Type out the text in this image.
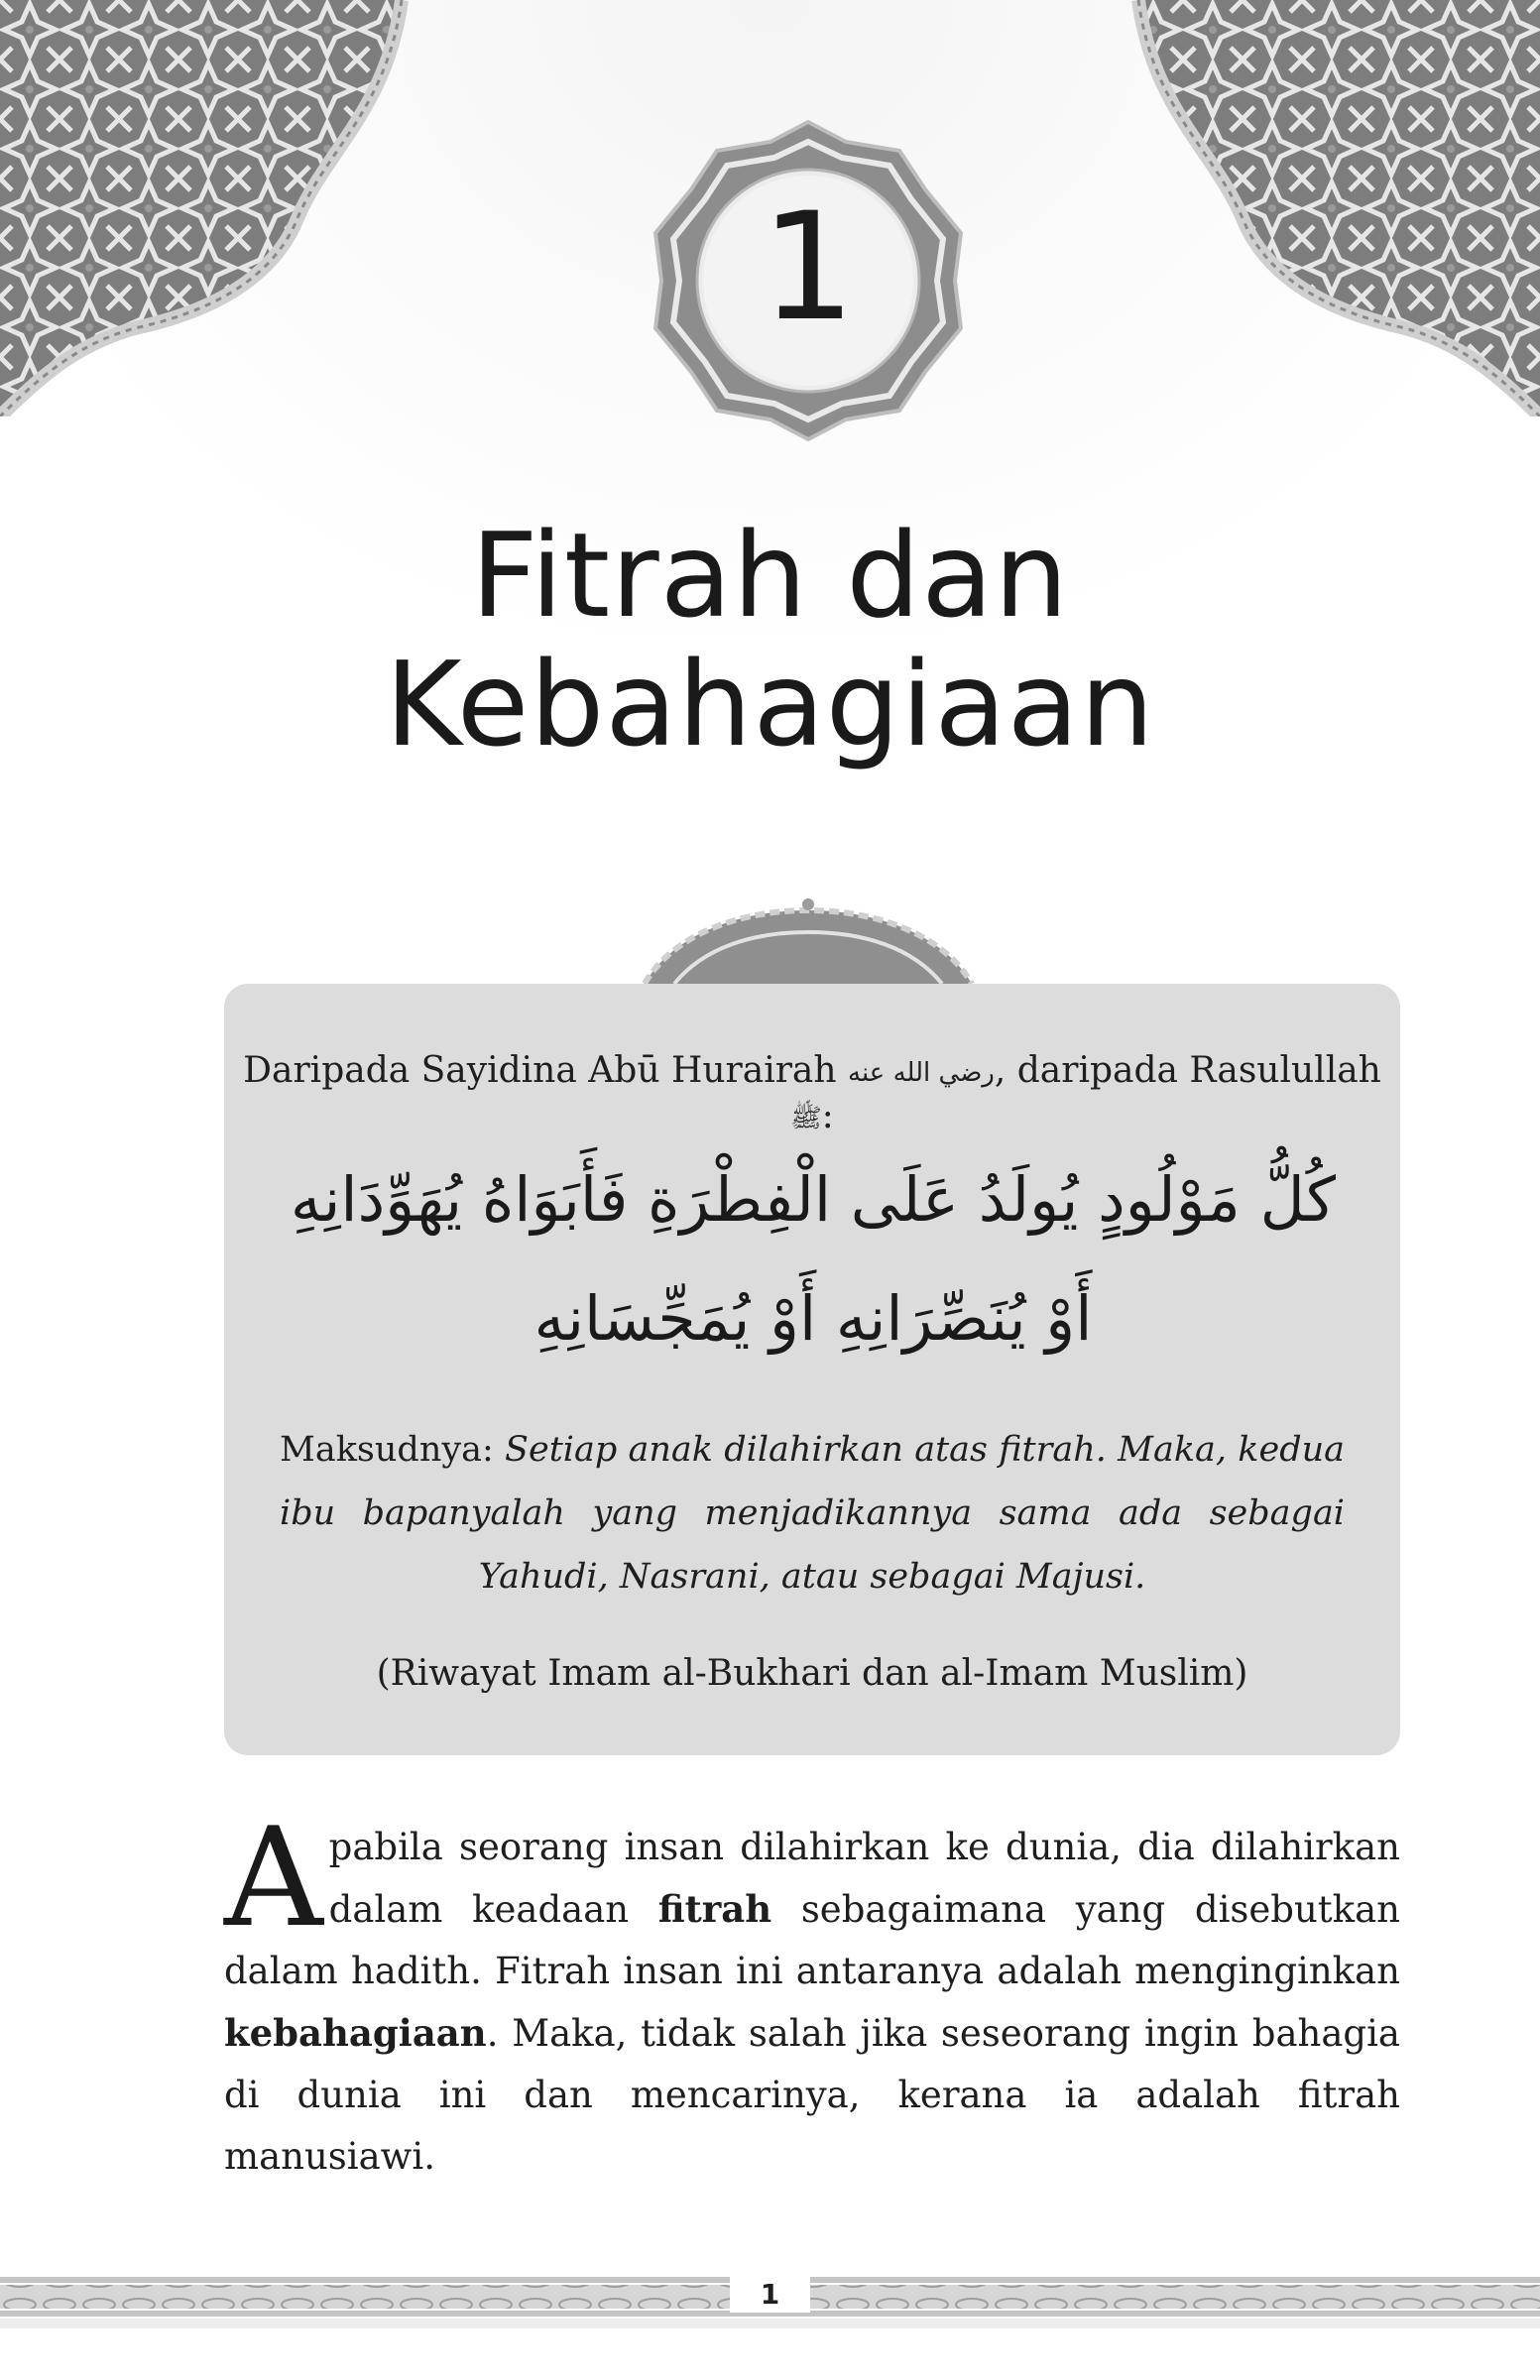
1
Fitrah dan
Kebahagiaan
Daripada Sayidina Abū Hurairah رضي الله عنه, daripada Rasulullah ﷺ:
كُلُّ مَوْلُودٍ يُولَدُ عَلَى الْفِطْرَةِ فَأَبَوَاهُ يُهَوِّدَانِهِ أَوْ يُنَصِّرَانِهِ أَوْ يُمَجِّسَانِهِ
Maksudnya: Setiap anak dilahirkan atas fitrah. Maka, kedua ibu bapanyalah yang menjadikannya sama ada sebagai Yahudi, Nasrani, atau sebagai Majusi.
(Riwayat Imam al-Bukhari dan al-Imam Muslim)
Apabila seorang insan dilahirkan ke dunia, dia dilahirkan dalam keadaan fitrah sebagaimana yang disebutkan dalam hadith. Fitrah insan ini antaranya adalah menginginkan kebahagiaan. Maka, tidak salah jika seseorang ingin bahagia di dunia ini dan mencarinya, kerana ia adalah fitrah manusiawi.
1
